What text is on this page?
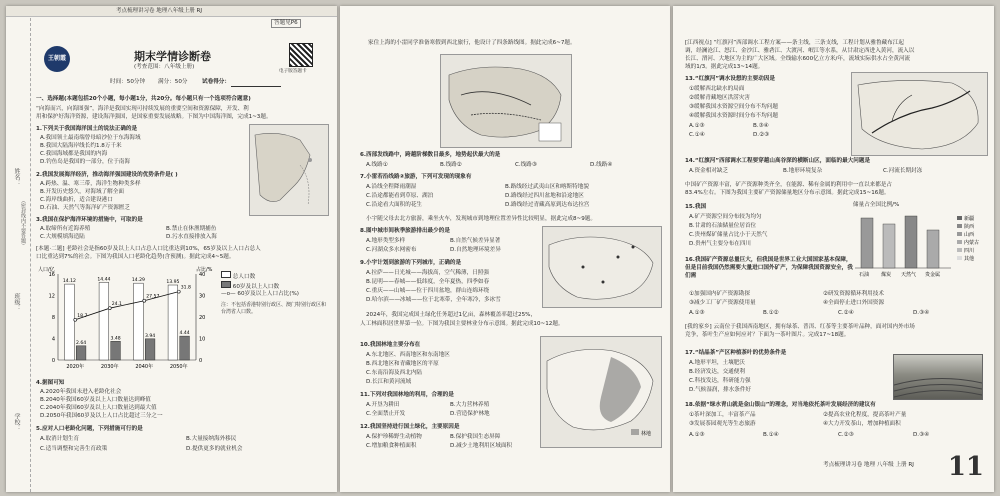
考点梳理讲习卷 地理八年级上册 RJ
姓名：
班级：
学校：
（密封线内不要答题）
答题见P6
王朝霞	期末学情诊断卷
(考查范围：八年级上册)
电子版答题卡
时间：50分钟 满分：50分	试卷得分：
一、选择题(本题包括20个小题，每小题1分，共20分。每小题只有一个选项符合题意)
“向海而兴，向海图强”，海洋是我国实现可持续发展的重要空间和资源保障，开发、利
用和保护好海洋资源，建设海洋强国，是国家重要发展战略。下图为中国海洋图，完成1~3题。
1.下列关于我国海洋国土的说法正确的是
A.我国领土最南端曾母暗沙位于东海海域
B.我国大陆海岸线长约1.8万千米
C.我国海域都是我国的内海
D.钓鱼岛是我国的一部分，位于南海
2.我国发展海洋经济，推动海洋强国建设的优势条件是( )
A.跨热、温、寒三带，海洋生物种类多样
B.开发历史悠久，对海域了解全面
C.海岸线曲折，适合建设港口
D.石油、天然气等海洋矿产资源匮乏
3.我国在保护海洋环境的措施中，可取的是
A.取缔所有近海养殖	B.禁止在休渔期捕鱼
C.大规模填海造陆	D.污水直接排放入海
[本题·二题] 老龄社会是指60岁及以上人口占总人口比重达到10%，65岁及以上人口占总人
口比重达到7%的社会。下图为我国人口老龄化趋势(含预测)。据此完成4~5题。
16
12
8
4
0
40
30
20
10
0
人口/亿	占比/%
14.12
2.64
2020年
14.44
3.48
2030年
14.29
3.94
2040年
13.95
4.44
2050年
18.7
24.1
27.57
31.8
总人口数
60岁及以上人口数
—o— 60岁及以上人口占比(%)
注：不包括香港特别行政区、澳门特别行政区和台湾省人口数。
4.据图可知
A.2020年我国未进入老龄化社会
B.2040年我国60岁及以上人口数量达到峰值
C.2040年我国60岁及以上人口数量达到最大值
D.2050年我国60岁及以上人口占比超过三分之一
5.应对人口老龄化问题，下列措施可行的是
A.取消计划生育	B.大量接纳海外移民
C.适当调整和完善生育政策	D.提供更多的就业机会
家住上海的小雷同学准备寒假到西北旅行，他设计了四条路线图。据此完成6~7题。
6.西部发线路中，跨越阶梯数目最多，地势起伏最大的是
A.线路①	B.线路②	C.线路③	D.线路④
7.小雷若沿线路②旅游，下列可发现的现象有
A.沿线全程降雨潮湿	B.路线经过武夷山区和喀斯特地貌
C.沿途都能看到草原、湖泊	D.路线经过四川盆地和沿途地区
C.沿途看大面积的花生	D.路线经过青藏高原到达布达拉宫
小宇随父母去北方旅游，乘坐火车，发现城市到地理位置差异性比较明显，据此完成8~9题。
8.图中城市间秋季旅游排出最少的是
A.地形类型多样	B.自然气候差异显著
C.河湖众多水网密布	D.自然地理环境差异
9.小宇计划到旅游的下列城市，正确的是
A.拉萨——日光城——海拔高，空气稀薄，日照强
B.昆明——春城——低纬度，全年夏热，四季如春
C.重庆——山城——位于四川盆地，群山连绵环绕
D.哈尔滨——冰城——位于北寒带，全年寒冷，多冰雪
2024年，我国完成国土绿化任务超过1亿亩，森林覆盖率超过25%，
人工林面积居世界第一位。下图为我国主要林业分布示意图。据此完成10~12题。
林地
10.我国林地主要分布在
A.东北地区、西南地区和东南地区
B.西北地区和青藏地区的平原
C.东南沿海及西北内陆
D.长江和黄河流域
11.下列对我国林地的利用，合理的是
A.开垦为耕田	B.大力营林养殖
C.全面禁止开发	D.营造保护林地
12.我国坚持进行国土绿化，主要原因是
A.保护珍稀野生动植物	B.保护我国生态屏障
C.增加粮食种植面积	D.减少土地利用区域面积
[江西视点] “红旗河”西部调水工程方案——条主线，三条支线，工程计划从雅鲁藏布江起
调，经澜沧江、怒江、金沙江、雅砻江、大渡河、岷江等水系，从甘肃定西进入黄河，流入以
长江、渭河、大地区为主的广大区域。全线输水600亿立方米/年，流域实际供水占全黄河流
域的1/3。据此完成13~14题。
13.“红旗河”调水设想的主要动因是
①缓解西北缺水的局面
②缓解青藏地区洪涝灾害
③缓解我国水资源空间分布不均问题
④缓解我国水资源时间分布不均问题
A.①③	B.③④
C.①④	D.②③
14.“红旗河”西部调水工程要穿越山高谷深的横断山区，面临的最大问题是
A.资金相对缺乏	B.地形环境复杂	C.河流长期封冻
中国矿产资源丰富，矿产资源种类齐全，在能源、稀有金属的利用中一直以来都是占
83.4%左右。下图为我国主要矿产资源储量地区分布示意图。据此完成15~16题。
15.我国
A.矿产资源空间分布较为均匀
B.甘肃的石油储量位居首位
C.贵州煤矿储量占比小于天然气
D.贵州气主要分布在四川
储量占全国比例/%
石油 煤炭 天然气 贵金属
新疆
陕西
山西
内蒙古
四川
其他
16.我国矿产资源总量巨大，但我国是世界工业大国国家基本保障，但是目前我国仍然需要大量进口国外矿产，为保障我国资源安全，我们需
①加强国内矿产资源勘探	②研发资源循环利用技术
③减少工厂矿产资源使用量	④全面停止进口外国资源
A.①③	B.①②	C.②④	D.③④
[我的家乡] 云南位于我国西南地区，拥有绿茶、普洱、红茶等主要茶叶品种，面对国内外市场
竞争，茶叶生产应如何应对？下面为一茶叶图片。完成17~18题。
17.“结晶茶”产区种植茶叶的优势条件是
A.地形平坦，土壤肥沃
B.经济发达，交通便利
C.科技发达，科研能力强
D.气候湿润，排水条件好
18.依据“绿水青山就是金山银山”的理念，对当地依托茶叶发展经济的建议有
①茶叶深加工，丰富茶产品	②提高农业化程度，提高茶叶产量
③发展茶园观光等生态旅游	④大力开发茶山，增加种植面积
A.①③	B.①④	C.②③	D.③④
考点梳理讲习卷 地理 八年级 上册 RJ 11
